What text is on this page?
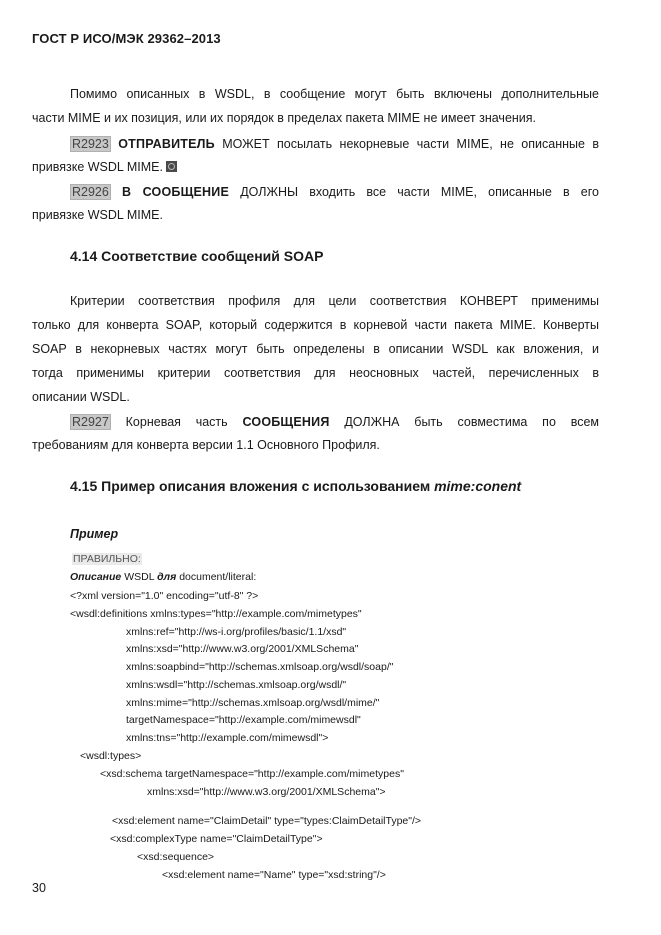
ГОСТ Р ИСО/МЭК 29362–2013
Помимо описанных в WSDL, в сообщение могут быть включены дополнительные
части MIME и их позиция, или их порядок в пределах пакета MIME не имеет значения.
R2923 ОТПРАВИТЕЛЬ МОЖЕТ посылать некорневые части MIME, не описанные в
привязке WSDL MIME.
R2926 В СООБЩЕНИЕ ДОЛЖНЫ входить все части MIME, описанные в его
привязке WSDL MIME.
4.14 Соответствие сообщений SOAP
Критерии соответствия профиля для цели соответствия КОНВЕРТ применимы
только для конверта SOAP, который содержится в корневой части пакета MIME. Конверты
SOAP в некорневых частях могут быть определены в описании WSDL как вложения, и
тогда применимы критерии соответствия для неосновных частей, перечисленных в
описании WSDL.
R2927 Корневая часть СООБЩЕНИЯ ДОЛЖНА быть совместима по всем
требованиям для конверта версии 1.1 Основного Профиля.
4.15 Пример описания вложения с использованием mime:conent
Пример
ПРАВИЛЬНО:
Описание WSDL для document/literal:
<?xml version="1.0" encoding="utf-8" ?>
<wsdl:definitions xmlns:types="http://example.com/mimetypes"
xmlns:ref="http://ws-i.org/profiles/basic/1.1/xsd"
xmlns:xsd="http://www.w3.org/2001/XMLSchema"
xmlns:soapbind="http://schemas.xmlsoap.org/wsdl/soap/"
xmlns:wsdl="http://schemas.xmlsoap.org/wsdl/"
xmlns:mime="http://schemas.xmlsoap.org/wsdl/mime/"
targetNamespace="http://example.com/mimewsdl"
xmlns:tns="http://example.com/mimewsdl">
<wsdl:types>
<xsd:schema targetNamespace="http://example.com/mimetypes"
xmlns:xsd="http://www.w3.org/2001/XMLSchema">
<xsd:element name="ClaimDetail" type="types:ClaimDetailType"/>
<xsd:complexType name="ClaimDetailType">
<xsd:sequence>
<xsd:element name="Name" type="xsd:string"/>
30
